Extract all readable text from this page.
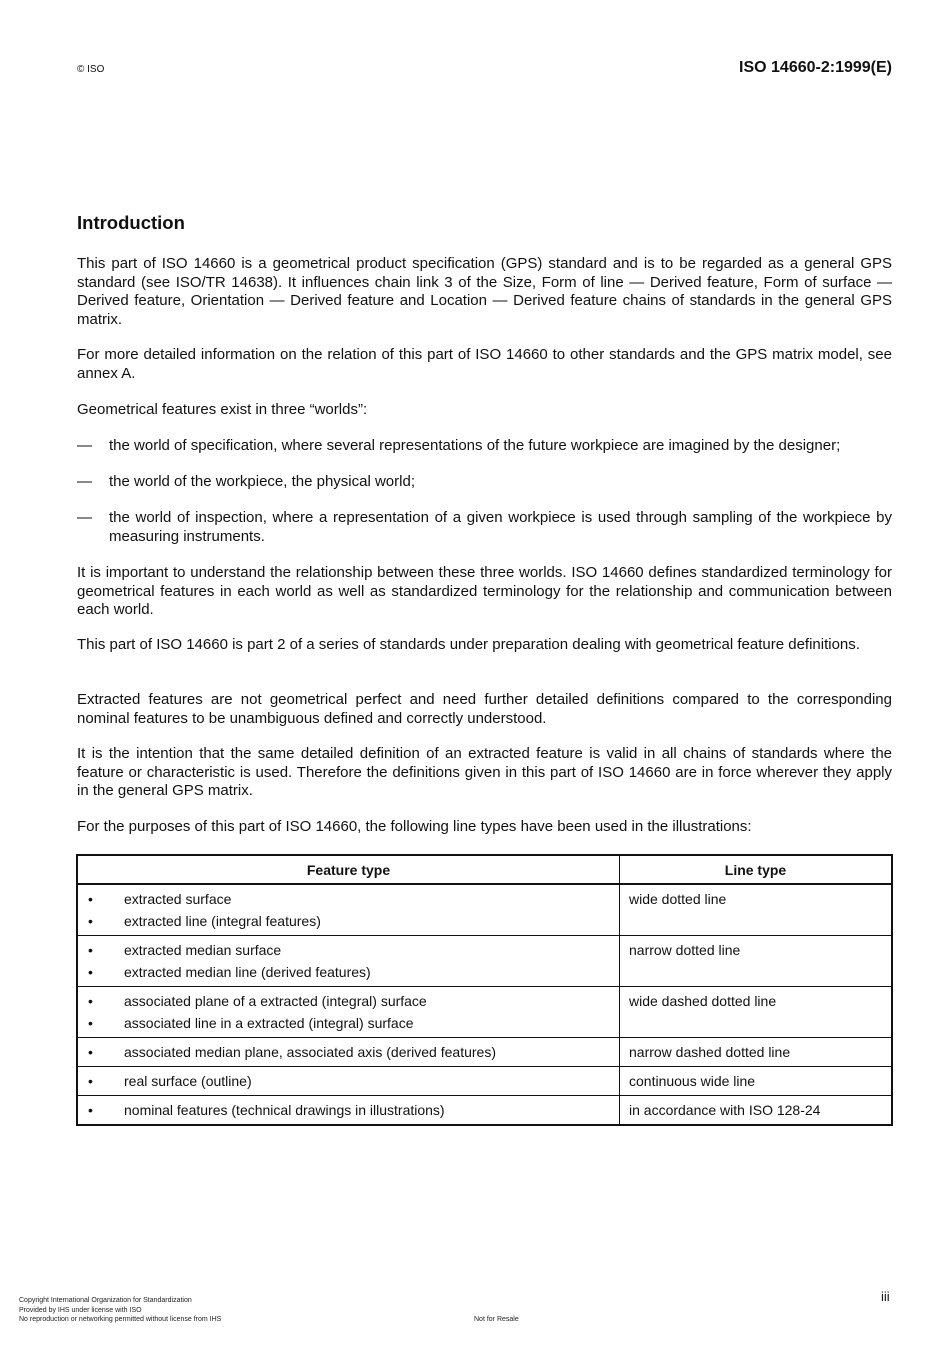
© ISO	ISO 14660-2:1999(E)
Introduction
This part of ISO 14660 is a geometrical product specification (GPS) standard and is to be regarded as a general GPS standard (see ISO/TR 14638). It influences chain link 3 of the Size, Form of line — Derived feature, Form of surface — Derived feature, Orientation — Derived feature and Location — Derived feature chains of standards in the general GPS matrix.
For more detailed information on the relation of this part of ISO 14660 to other standards and the GPS matrix model, see annex A.
Geometrical features exist in three “worlds”:
—	the world of specification, where several representations of the future workpiece are imagined by the designer;
—	the world of the workpiece, the physical world;
—	the world of inspection, where a representation of a given workpiece is used through sampling of the workpiece by measuring instruments.
It is important to understand the relationship between these three worlds. ISO 14660 defines standardized terminology for geometrical features in each world as well as standardized terminology for the relationship and communication between each world.
This part of ISO 14660 is part 2 of a series of standards under preparation dealing with geometrical feature definitions.
Extracted features are not geometrical perfect and need further detailed definitions compared to the corresponding nominal features to be unambiguous defined and correctly understood.
It is the intention that the same detailed definition of an extracted feature is valid in all chains of standards where the feature or characteristic is used. Therefore the definitions given in this part of ISO 14660 are in force wherever they apply in the general GPS matrix.
For the purposes of this part of ISO 14660, the following line types have been used in the illustrations:
Feature type	Line type

• extracted surface
• extracted line (integral features)	wide dotted line

• extracted median surface
• extracted median line (derived features)	narrow dotted line

• associated plane of a extracted (integral) surface
• associated line in a extracted (integral) surface	wide dashed dotted line

• associated median plane, associated axis (derived features)	narrow dashed dotted line

• real surface (outline)	continuous wide line

• nominal features (technical drawings in illustrations)	in accordance with ISO 128-24
iii
Copyright International Organization for Standardization
Provided by IHS under license with ISO
No reproduction or networking permitted without license from IHS	Not for Resale
